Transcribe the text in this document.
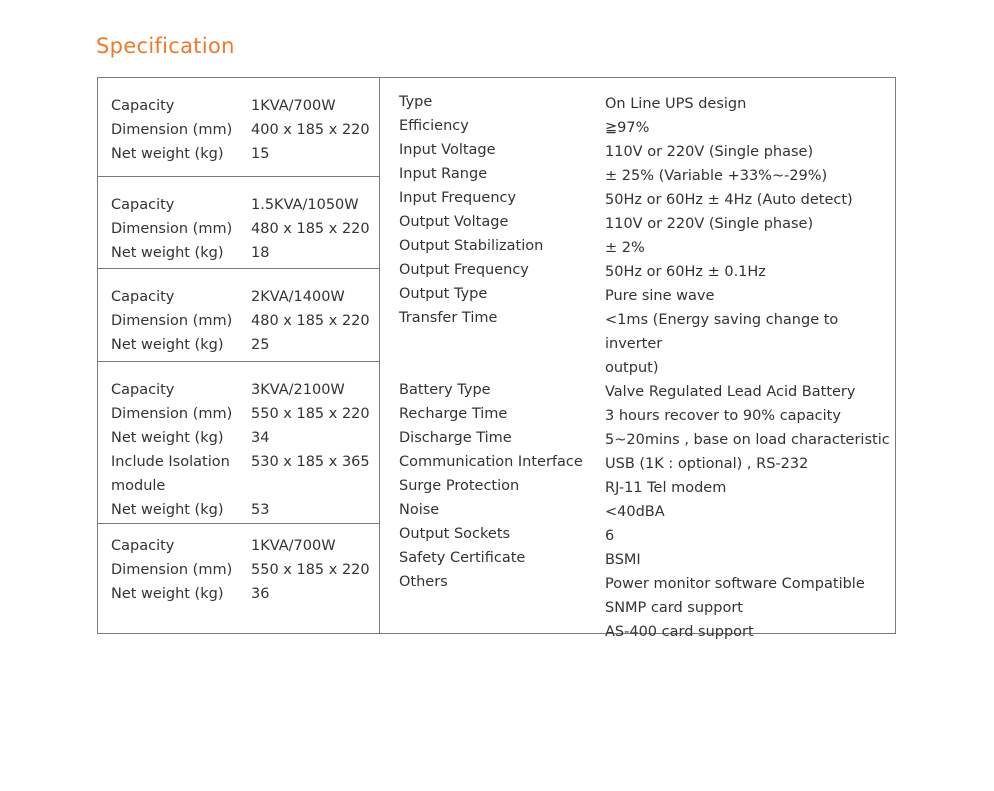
Specification
Capacity	1KVA/700W
Dimension (mm)	400 x 185 x 220
Net weight (kg)	15
Capacity	1.5KVA/1050W
Dimension (mm)	480 x 185 x 220
Net weight (kg)	18
Capacity	2KVA/1400W
Dimension (mm)	480 x 185 x 220
Net weight (kg)	25
Capacity	3KVA/2100W
Dimension (mm)	550 x 185 x 220
Net weight (kg)	34
Include Isolation	530 x 185 x 365
module
Net weight (kg)	53
Capacity	1KVA/700W
Dimension (mm)	550 x 185 x 220
Net weight (kg)	36
Type	On Line UPS design
Efficiency	≧97%
Input Voltage	110V or 220V (Single phase)
Input Range	± 25% (Variable +33%~-29%)
Input Frequency	50Hz or 60Hz ± 4Hz (Auto detect)
Output Voltage	110V or 220V (Single phase)
Output Stabilization	± 2%
Output Frequency	50Hz or 60Hz ± 0.1Hz
Output Type	Pure sine wave
Transfer Time	<1ms (Energy saving change to inverter
output)
Battery Type	Valve Regulated Lead Acid Battery
Recharge Time	3 hours recover to 90% capacity
Discharge Time	5~20mins , base on load characteristic
Communication Interface	USB (1K : optional) , RS-232
Surge Protection	RJ-11 Tel modem
Noise	<40dBA
Output Sockets	6
Safety Certificate	BSMI
Others	Power monitor software Compatible
SNMP card support
AS-400 card support
